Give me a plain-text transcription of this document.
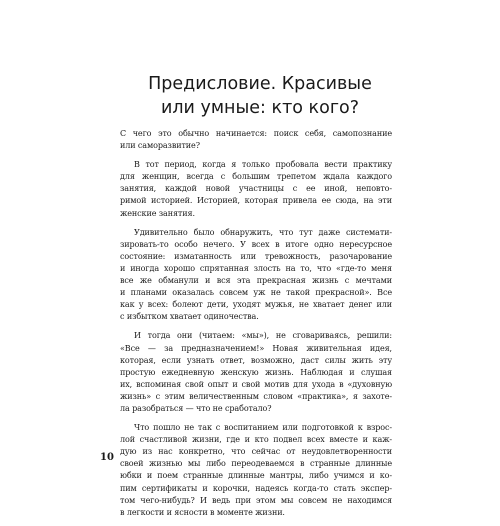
Предисловие. Красивые
или умные: кто кого?
С чего это обычно начинается: поиск себя, самопознание
или саморазвитие?
В тот период, когда я только пробовала вести практику
для женщин, всегда с большим трепетом ждала каждого
занятия, каждой новой участницы с ее иной, неповто-
римой историей. Историей, которая привела ее сюда, на эти
женские занятия.
Удивительно было обнаружить, что тут даже системати-
зировать-то особо нечего. У всех в итоге одно нересурсное
состояние: изматанность или тревожность, разочарование
и иногда хорошо спрятанная злость на то, что «где-то меня
все же обманули и вся эта прекрасная жизнь с мечтами
и планами оказалась совсем уж не такой прекрасной». Все
как у всех: болеют дети, уходят мужья, не хватает денег или
с избытком хватает одиночества.
И тогда они (читаем: «мы»), не сговариваясь, решили:
«Все — за предназначением!» Новая живительная идея,
которая, если узнать ответ, возможно, даст силы жить эту
простую ежедневную женскую жизнь. Наблюдая и слушая
их, вспоминая свой опыт и свой мотив для ухода в «духовную
жизнь» с этим величественным словом «практика», я захоте-
ла разобраться — что не сработало?
Что пошло не так с воспитанием или подготовкой к взрос-
лой счастливой жизни, где и кто подвел всех вместе и каж-
дую из нас конкретно, что сейчас от неудовлетворенности
своей жизнью мы либо переодеваемся в странные длинные
юбки и поем странные длинные мантры, либо учимся и ко-
пим сертификаты и корочки, надеясь когда-то стать экспер-
том чего-нибудь? И ведь при этом мы совсем не находимся
в легкости и ясности в моменте жизни.
10
